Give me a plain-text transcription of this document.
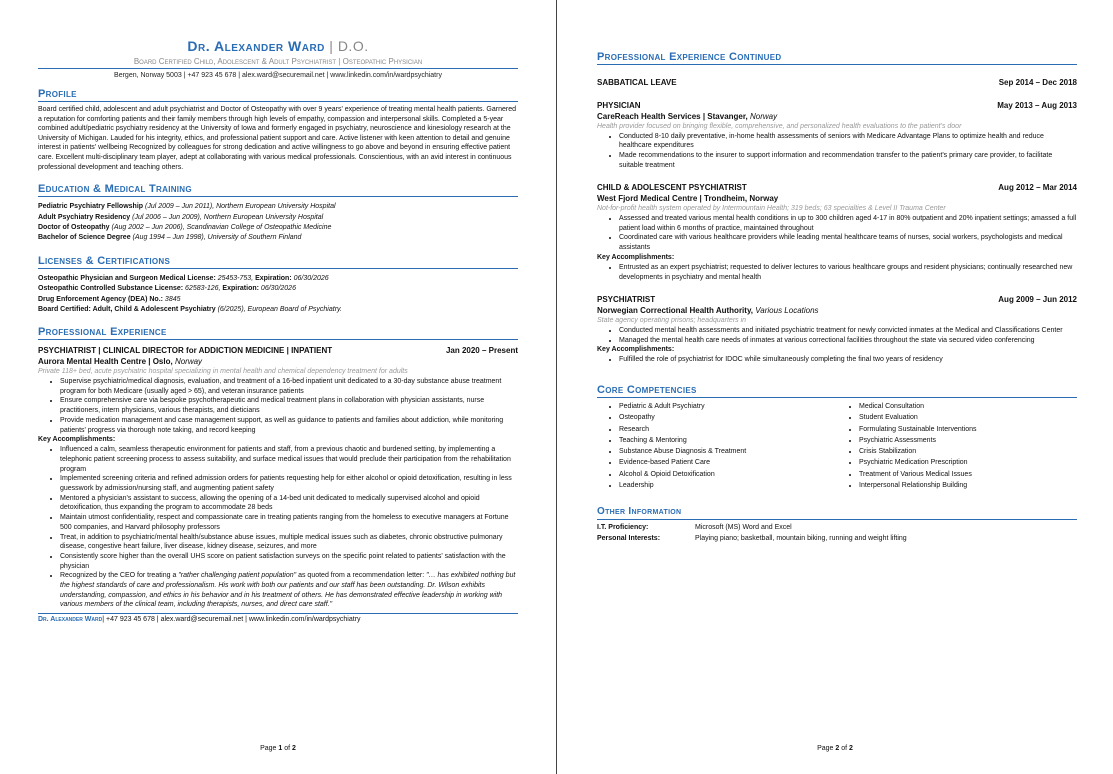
Dr. Alexander Ward | D.O.
Board Certified Child, Adolescent & Adult Psychiatrist | Osteopathic Physician
Bergen, Norway 5003 | +47 923 45 678 | alex.ward@securemail.net | www.linkedin.com/in/wardpsychiatry
Profile

Board certified child, adolescent and adult psychiatrist and Doctor of Osteopathy with over 9 years' experience of treating mental health patients. Garnered a reputation for comforting patients and their family members through high levels of empathy, compassion and interpersonal skills. Completed a 5-year combined adult/pediatric psychiatry residency at the University of Iowa and formerly engaged in psychiatry, neuroscience and kinesiology research at the University of Michigan. Lauded for his integrity, ethics, and professional patient support and care. Active listener with keen attention to detail and genuine interest in patients' wellbeing Recognized by colleagues for strong dedication and active willingness to go above and beyond in ensuring effective patient care. Excellent multi-disciplinary team player, adept at collaborating with various medical professionals. Conscientious, with an avid interest in continuous professional development and teaching others.

Education & Medical Training
Pediatric Psychiatry Fellowship (Jul 2009 – Jun 2011), Northern European University Hospital
Adult Psychiatry Residency (Jul 2006 – Jun 2009), Northern European University Hospital
Doctor of Osteopathy (Aug 2002 – Jun 2006), Scandinavian College of Osteopathic Medicine
Bachelor of Science Degree (Aug 1994 – Jun 1998), University of Southern Finland
Licenses & Certifications
Osteopathic Physician and Surgeon Medical License: 25453-753, Expiration: 06/30/2026
Osteopathic Controlled Substance License: 62583-126, Expiration: 06/30/2026
Drug Enforcement Agency (DEA) No.: 3845
Board Certified: Adult, Child & Adolescent Psychiatry (6/2025), European Board of Psychiatry.
Professional Experience
PSYCHIATRIST | CLINICAL DIRECTOR for ADDICTION MEDICINE | INPATIENT	Jan 2020 – Present
Aurora Mental Health Centre | Oslo, Norway
Private 118+ bed, acute psychiatric hospital specializing in mental health and chemical dependency treatment for adults
• Supervise psychiatric/medical diagnosis, evaluation, and treatment of a 16-bed inpatient unit dedicated to a 30-day substance abuse treatment program for both Medicare (usually aged > 65), and veteran insurance patients
• Ensure comprehensive care via bespoke psychotherapeutic and medical treatment plans in collaboration with physician assistants, nurse practitioners, intern physicians, various therapists, and dieticians
• Provide medication management and case management support, as well as guidance to patients and families about addiction, while monitoring patients' progress via thorough note taking, and record keeping
Key Accomplishments:
• Influenced a calm, seamless therapeutic environment for patients and staff, from a previous chaotic and burdened setting, by implementing a telephonic patient screening process to assess suitability, and surface medical issues that would preclude their participation from the rehabilitation program
• Implemented screening criteria and refined admission orders for patients requesting help for either alcohol or opioid detoxification, resulting in less guesswork by admission/nursing staff, and augmenting patient safety
• Mentored a physician's assistant to success, allowing the opening of a 14-bed unit dedicated to medically supervised alcohol and opioid detoxification, thus expanding the program to accommodate 28 beds
• Maintain utmost confidentiality, respect and compassionate care in treating patients ranging from the homeless to executive managers at Fortune 500 companies, and Harvard philosophy professors
• Treat, in addition to psychiatric/mental health/substance abuse issues, multiple medical issues such as diabetes, chronic obstructive pulmonary disease, congestive heart failure, liver disease, kidney disease, seizures, and more
• Consistently score higher than the overall UHS score on patient satisfaction surveys on the specific point related to patients' satisfaction with the physician
• Recognized by the CEO for treating a "rather challenging patient population" as quoted from a recommendation letter: "… has exhibited nothing but the highest standards of care and professionalism. His work with both our patients and our staff has been outstanding. Dr. Wilson exhibits understanding, compassion, and ethics in his behavior and in his treatment of others. He has demonstrated effective leadership in working with various members of the clinical team, including therapists, nurses, and direct care staff."
Dr. Alexander Ward| +47 923 45 678 | alex.ward@securemail.net | www.linkedin.com/in/wardpsychiatry
Page 1 of 2
Professional Experience Continued
SABBATICAL LEAVE	Sep 2014 – Dec 2018
PHYSICIAN	May 2013 – Aug 2013
CareReach Health Services | Stavanger, Norway
Health provider focused on bringing flexible, comprehensive, and personalized health evaluations to the patient's door
• Conducted 8-10 daily preventative, in-home health assessments of seniors with Medicare Advantage Plans to optimize health and reduce healthcare expenditures
• Made recommendations to the insurer to support information and recommendation transfer to the patient's primary care provider, to facilitate suitable treatment
CHILD & ADOLESCENT PSYCHIATRIST	Aug 2012 – Mar 2014
West Fjord Medical Centre | Trondheim, Norway
Not-for-profit health system operated by Intermountain Health; 319 beds; 63 specialties & Level II Trauma Center
• Assessed and treated various mental health conditions in up to 300 children aged 4-17 in 80% outpatient and 20% inpatient settings; amassed a full patient load within 6 months of practice, maintained throughout
• Coordinated care with various healthcare providers while leading mental healthcare teams of nurses, social workers, psychologists and medical assistants
Key Accomplishments:
• Entrusted as an expert psychiatrist; requested to deliver lectures to various healthcare groups and resident physicians; continually researched new developments in psychiatry and mental health
PSYCHIATRIST	Aug 2009 – Jun 2012
Norwegian Correctional Health Authority, Various Locations
State agency operating prisons; headquarters in
• Conducted mental health assessments and initiated psychiatric treatment for newly convicted inmates at the Medical and Classifications Center
• Managed the mental health care needs of inmates at various correctional facilities throughout the state via secured video conferencing
Key Accomplishments:
• Fulfilled the role of psychiatrist for IDOC while simultaneously completing the final two years of residency
Core Competencies
• Pediatric & Adult Psychiatry
• Osteopathy
• Research
• Teaching & Mentoring
• Substance Abuse Diagnosis & Treatment
• Evidence-based Patient Care
• Alcohol & Opioid Detoxification
• Leadership
• Medical Consultation
• Student Evaluation
• Formulating Sustainable Interventions
• Psychiatric Assessments
• Crisis Stabilization
• Psychiatric Medication Prescription
• Treatment of Various Medical Issues
• Interpersonal Relationship Building
Other Information
I.T. Proficiency:	Microsoft (MS) Word and Excel
Personal Interests:	Playing piano; basketball, mountain biking, running and weight lifting
Page 2 of 2
